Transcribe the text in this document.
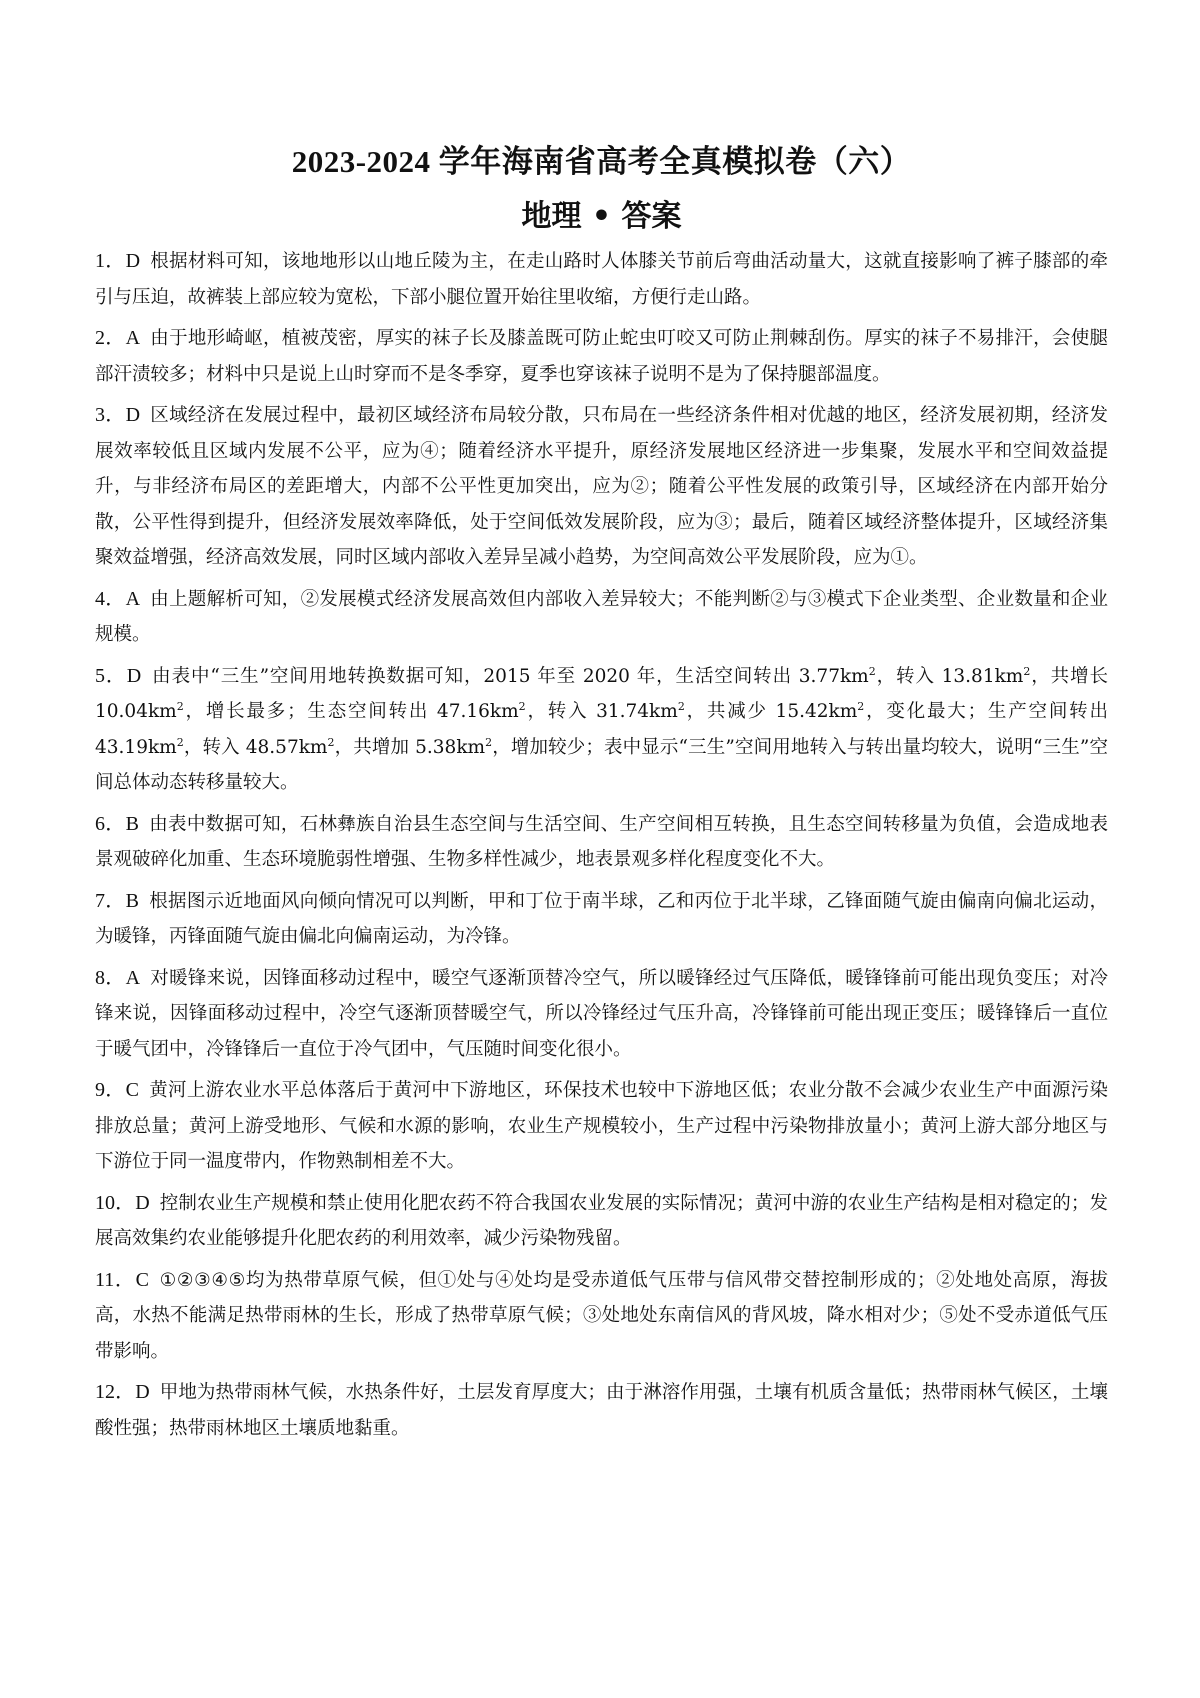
2023-2024 学年海南省高考全真模拟卷（六）
地理 • 答案
1．D 根据材料可知，该地地形以山地丘陵为主，在走山路时人体膝关节前后弯曲活动量大，这就直接影响了裤子膝部的牵引与压迫，故裤装上部应较为宽松，下部小腿位置开始往里收缩，方便行走山路。
2．A 由于地形崎岖，植被茂密，厚实的袜子长及膝盖既可防止蛇虫叮咬又可防止荆棘刮伤。厚实的袜子不易排汗，会使腿部汗渍较多；材料中只是说上山时穿而不是冬季穿，夏季也穿该袜子说明不是为了保持腿部温度。
3．D 区域经济在发展过程中，最初区域经济布局较分散，只布局在一些经济条件相对优越的地区，经济发展初期，经济发展效率较低且区域内发展不公平，应为④；随着经济水平提升，原经济发展地区经济进一步集聚，发展水平和空间效益提升，与非经济布局区的差距增大，内部不公平性更加突出，应为②；随着公平性发展的政策引导，区域经济在内部开始分散，公平性得到提升，但经济发展效率降低，处于空间低效发展阶段，应为③；最后，随着区域经济整体提升，区域经济集聚效益增强，经济高效发展，同时区域内部收入差异呈减小趋势，为空间高效公平发展阶段，应为①。
4．A 由上题解析可知，②发展模式经济发展高效但内部收入差异较大；不能判断②与③模式下企业类型、企业数量和企业规模。
5．D 由表中“三生”空间用地转换数据可知，2015 年至 2020 年，生活空间转出 $3.77km^2$，转入 $13.81km^2$，共增长 $10.04km^2$，增长最多；生态空间转出 $47.16km^2$，转入 $31.74km^2$，共减少 $15.42km^2$，变化最大；生产空间转出 $43.19km^2$，转入 $48.57km^2$，共增加 $5.38km^2$，增加较少；表中显示“三生”空间用地转入与转出量均较大，说明“三生”空间总体动态转移量较大。
6．B 由表中数据可知，石林彝族自治县生态空间与生活空间、生产空间相互转换，且生态空间转移量为负值，会造成地表景观破碎化加重、生态环境脆弱性增强、生物多样性减少，地表景观多样化程度变化不大。
7．B 根据图示近地面风向倾向情况可以判断，甲和丁位于南半球，乙和丙位于北半球，乙锋面随气旋由偏南向偏北运动，为暖锋，丙锋面随气旋由偏北向偏南运动，为冷锋。
8．A 对暖锋来说，因锋面移动过程中，暖空气逐渐顶替冷空气，所以暖锋经过气压降低，暖锋锋前可能出现负变压；对冷锋来说，因锋面移动过程中，冷空气逐渐顶替暖空气，所以冷锋经过气压升高，冷锋锋前可能出现正变压；暖锋锋后一直位于暖气团中，冷锋锋后一直位于冷气团中，气压随时间变化很小。
9．C 黄河上游农业水平总体落后于黄河中下游地区，环保技术也较中下游地区低；农业分散不会减少农业生产中面源污染排放总量；黄河上游受地形、气候和水源的影响，农业生产规模较小，生产过程中污染物排放量小；黄河上游大部分地区与下游位于同一温度带内，作物熟制相差不大。
10．D 控制农业生产规模和禁止使用化肥农药不符合我国农业发展的实际情况；黄河中游的农业生产结构是相对稳定的；发展高效集约农业能够提升化肥农药的利用效率，减少污染物残留。
11．C ①②③④⑤均为热带草原气候，但①处与④处均是受赤道低气压带与信风带交替控制形成的；②处地处高原，海拔高，水热不能满足热带雨林的生长，形成了热带草原气候；③处地处东南信风的背风坡，降水相对少；⑤处不受赤道低气压带影响。
12．D 甲地为热带雨林气候，水热条件好，土层发育厚度大；由于淋溶作用强，土壤有机质含量低；热带雨林气候区，土壤酸性强；热带雨林地区土壤质地黏重。
